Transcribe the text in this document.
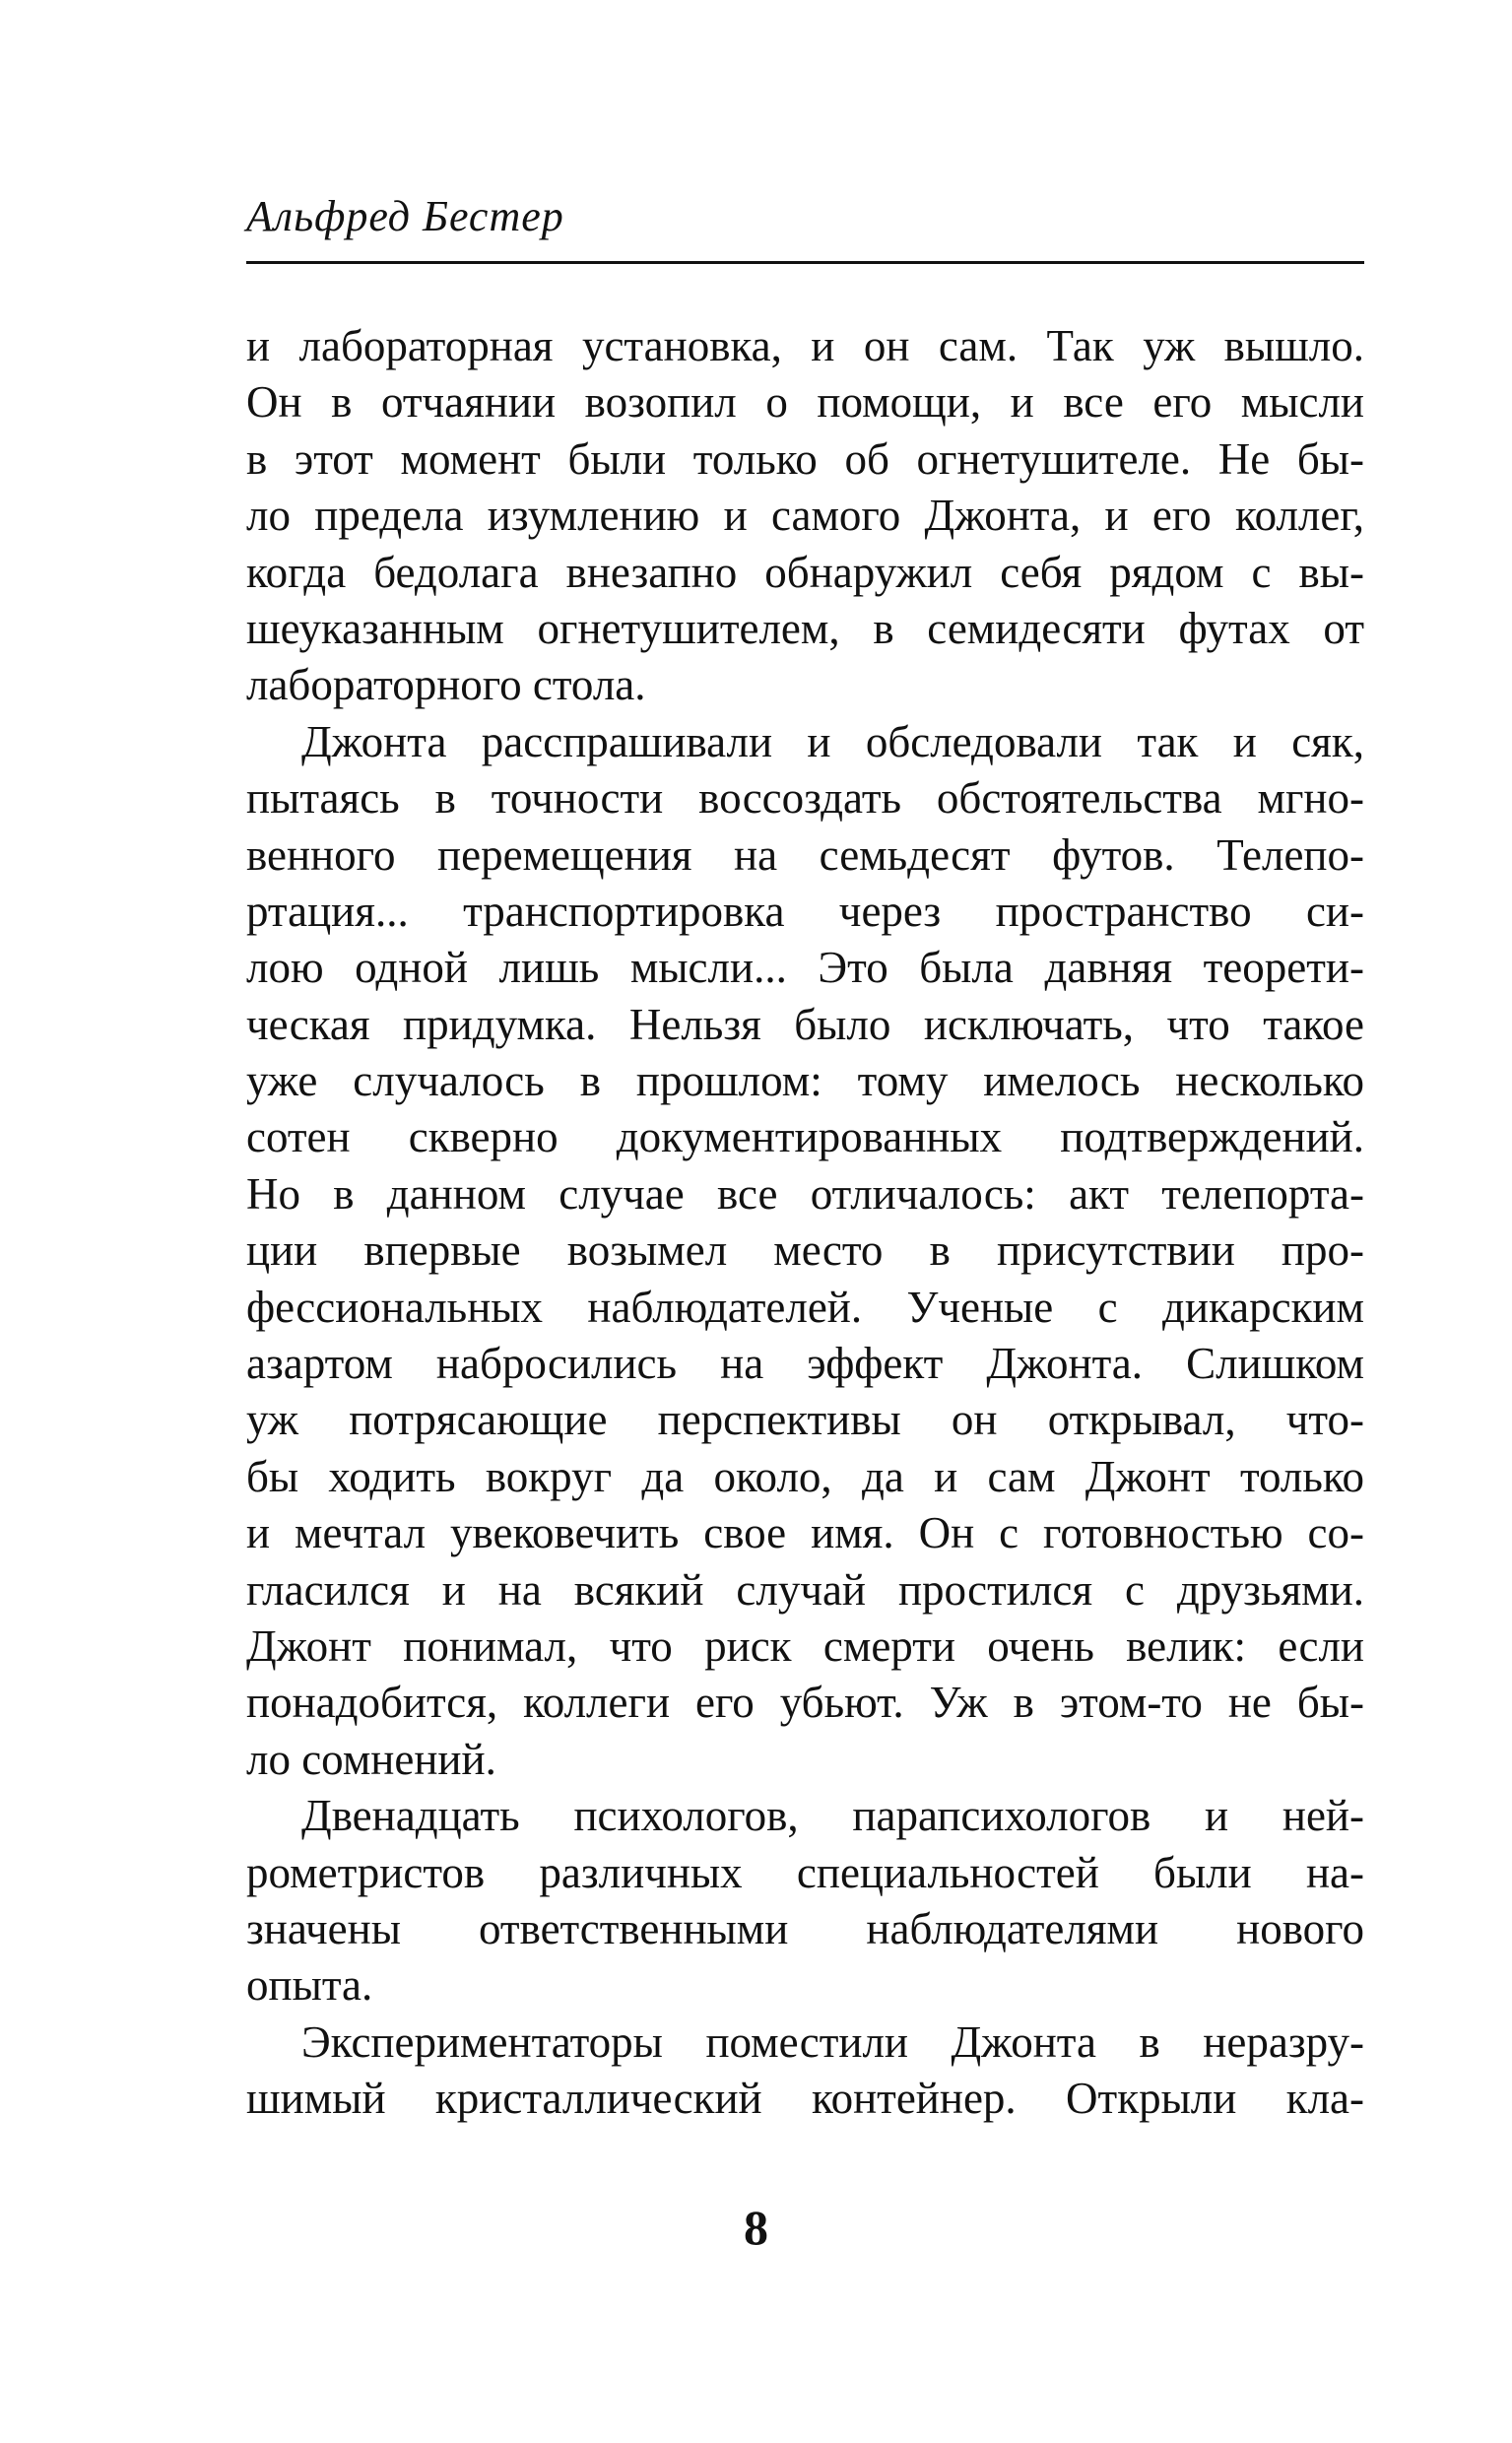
Альфред Бестер
и лабораторная установка, и он сам. Так уж вышло.
Он в отчаянии возопил о помощи, и все его мысли
в этот момент были только об огнетушителе. Не бы-
ло предела изумлению и самого Джонта, и его коллег,
когда бедолага внезапно обнаружил себя рядом с вы-
шеуказанным огнетушителем, в семидесяти футах от
лабораторного стола.
Джонта расспрашивали и обследовали так и сяк,
пытаясь в точности воссоздать обстоятельства мгно-
венного перемещения на семьдесят футов. Телепо-
ртация... транспортировка через пространство си-
лою одной лишь мысли... Это была давняя теорети-
ческая придумка. Нельзя было исключать, что такое
уже случалось в прошлом: тому имелось несколько
сотен скверно документированных подтверждений.
Но в данном случае все отличалось: акт телепорта-
ции впервые возымел место в присутствии про-
фессиональных наблюдателей. Ученые с дикарским
азартом набросились на эффект Джонта. Слишком
уж потрясающие перспективы он открывал, что-
бы ходить вокруг да около, да и сам Джонт только
и мечтал увековечить свое имя. Он с готовностью со-
гласился и на всякий случай простился с друзьями.
Джонт понимал, что риск смерти очень велик: если
понадобится, коллеги его убьют. Уж в этом-то не бы-
ло сомнений.
Двенадцать психологов, парапсихологов и ней-
рометристов различных специальностей были на-
значены ответственными наблюдателями нового
опыта.
Экспериментаторы поместили Джонта в неразру-
шимый кристаллический контейнер. Открыли кла-
8
